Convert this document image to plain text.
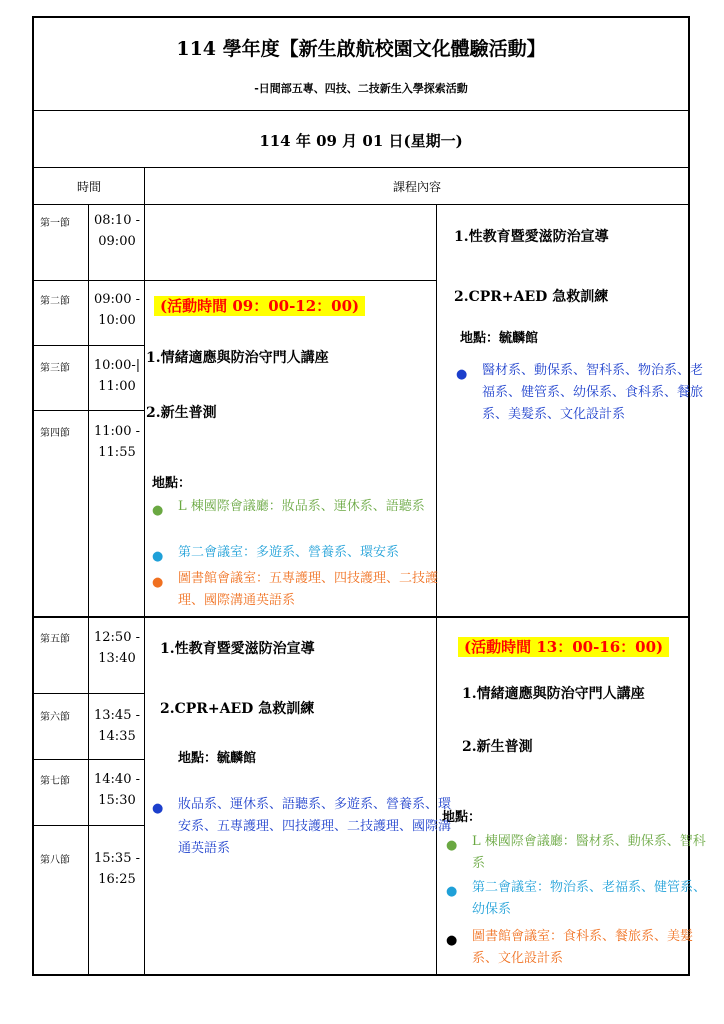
114 學年度【新生啟航校園文化體驗活動】
-日間部五專、四技、二技新生入學探索活動
114 年 09 月 01 日(星期一)
時間	課程內容
第一節	08:10 -
09:00
第二節	09:00 -
10:00
第三節 10:00-|
11:00
第四節	11:00 -
11:55
第五節	12:50 -
13:40
第六節	13:45 -
14:35
第七節	14:40 -
15:30
第八節	15:35 -
16:25
(活動時間 09：00-12：00)
1.情緒適應與防治守門人講座
2.新生普測
地點：
● L 棟國際會議廳：妝品系、運休系、語聽系
● 第二會議室：多遊系、營養系、環安系
● 圖書館會議室：五專護理、四技護理、二技護理、國際溝通英語系
1.性教育暨愛滋防治宣導
2.CPR+AED 急救訓練
地點：毓麟館
● 醫材系、動保系、智科系、物治系、老福系、健管系、幼保系、食科系、餐旅系、美髮系、文化設計系
1.性教育暨愛滋防治宣導
2.CPR+AED 急救訓練
地點：毓麟館
● 妝品系、運休系、語聽系、多遊系、營養系、環安系、五專護理、四技護理、二技護理、國際溝通英語系
(活動時間 13：00-16：00)
1.情緒適應與防治守門人講座
2.新生普測
地點：
● L 棟國際會議廳：醫材系、動保系、智科系
● 第二會議室：物治系、老福系、健管系、幼保系
● 圖書館會議室：食科系、餐旅系、美髮系、文化設計系
